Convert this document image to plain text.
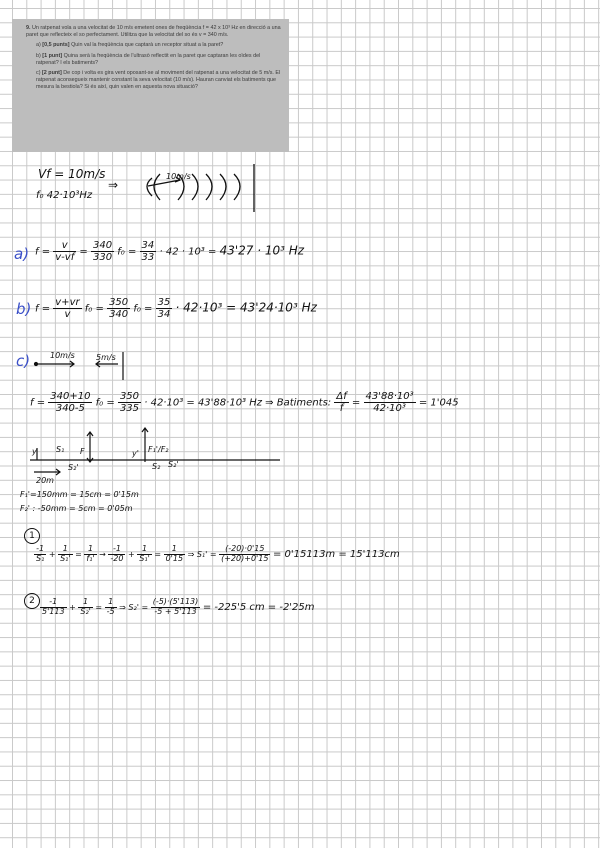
9. Un ratpenat vola a una velocitat de 10 m/s emetent ones de freqüència f = 42 x 10³ Hz en direcció a una paret que reflecteix el so perfectament. Utilitza que la velocitat del so és v = 340 m/s.

a) [0,5 punts] Quin val la freqüència que captarà un receptor situat a la paret?

b) [1 punt] Quina serà la freqüència de l'ultrasò reflectit en la paret que captaran les oïdes del ratpenat? I els batiments?

c) [2 punt] De cop i volta es gira vent oposant-se al moviment del ratpenat a una velocitat de 5 m/s. El ratpenat aconsegueix mantenir constant la seva velocitat (10 m/s). Hauran canviat els batiments que mesura la bestiola? Si és així, quin valen en aquesta nova situació?

Vf = 10m/s
f₀ 42·10³Hz
⇒
10m/s
a) $f = \frac{v}{v-vf} = \frac{340}{330} f_0 = \frac{34}{33} \cdot 42 \cdot 10^3 = 43'27 \cdot 10^3$ Hz
b) $f = \frac{v+vr}{v} f_0 = \frac{350}{340} f_0 = \frac{35}{34} \cdot 42\cdot 10^3 = 43'24\cdot 10^3$ Hz
c) 10m/s	5m/s
$f = \frac{340+10}{340-5} f_0 = \frac{350}{335} \cdot 42\cdot 10^3 = 43'88\cdot 10^3$ Hz ⇒ Batiments: $\frac{\Delta f}{f} = \frac{\text{43'88·10³}}{\text{42·10³}} = 1'045$
y S₁ F	y' F₁'/F₂
S₂'	S₂ S₂'
20m
F₁'=150mm = 15cm = 0'15m
F₂' : -50mm = 5cm = 0'05m
1
$\frac{-1}{\text{S₁}} + \frac{1}{\text{S₁'}} = \frac{1}{\text{f₁'}} \to \frac{-1}{-20} + \frac{1}{\text{S₁'}} = \frac{1}{0'15}$ ⇒ $S_1' = \frac{(-20)\cdot 0'15}{(+20)+0'15} = 0'15113m = 15'113cm$
$2 \frac{-1}{5'113} + \frac{1}{\text{S₂'}} = \frac{1}{-5}$ ⇒ $S_2' = \frac{(-5)\cdot(5'113)}{-5 + 5'113} = -225'5$ cm = -2'25m
